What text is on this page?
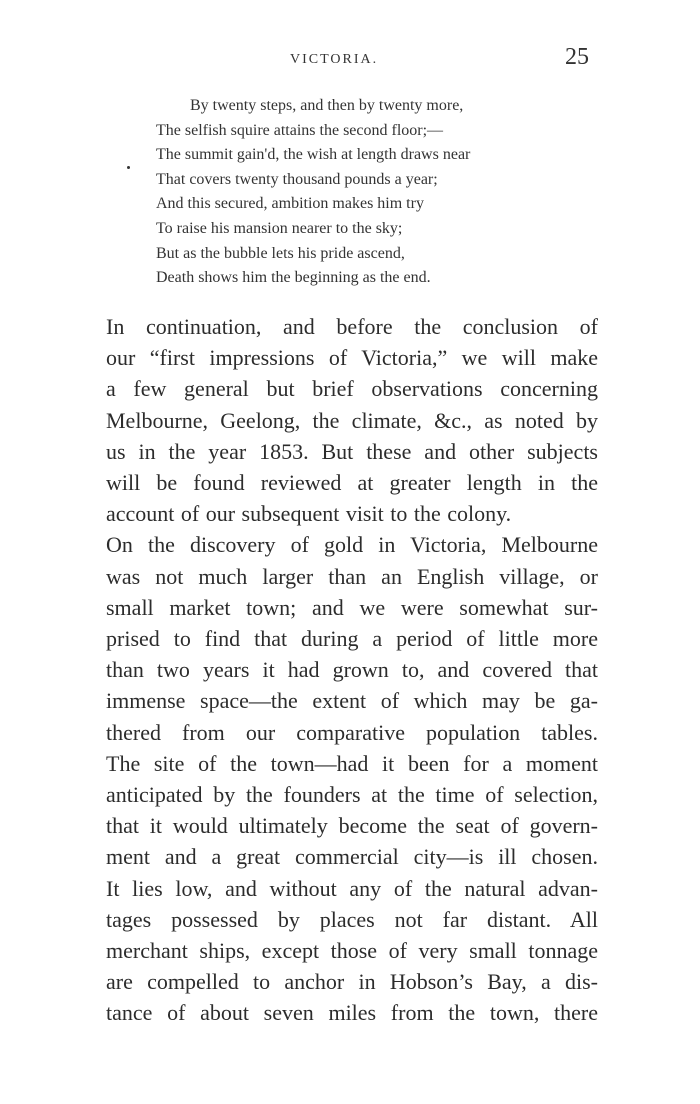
VICTORIA.	25
By twenty steps, and then by twenty more,
The selfish squire attains the second floor;—
The summit gain'd, the wish at length draws near
That covers twenty thousand pounds a year;
And this secured, ambition makes him try
To raise his mansion nearer to the sky;
But as the bubble lets his pride ascend,
Death shows him the beginning as the end.

In continuation, and before the conclusion of
our “first impressions of Victoria,” we will make
a few general but brief observations concerning
Melbourne, Geelong, the climate, &c., as noted by
us in the year 1853. But these and other subjects
will be found reviewed at greater length in the
account of our subsequent visit to the colony.

On the discovery of gold in Victoria, Melbourne
was not much larger than an English village, or
small market town; and we were somewhat sur-
prised to find that during a period of little more
than two years it had grown to, and covered that
immense space—the extent of which may be ga-
thered from our comparative population tables.
The site of the town—had it been for a moment
anticipated by the founders at the time of selection,
that it would ultimately become the seat of govern-
ment and a great commercial city—is ill chosen.
It lies low, and without any of the natural advan-
tages possessed by places not far distant. All
merchant ships, except those of very small tonnage
are compelled to anchor in Hobson’s Bay, a dis-
tance of about seven miles from the town, there
